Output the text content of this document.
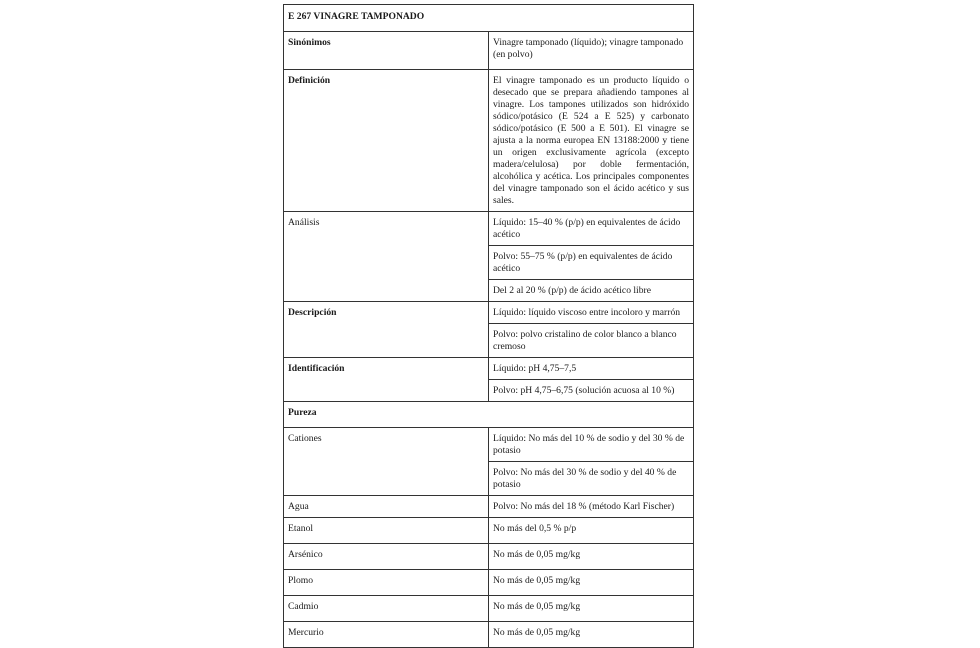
E 267 VINAGRE TAMPONADO	
Sinónimos	Vinagre tamponado (líquido); vinagre tamponado (en polvo)
Definición	El vinagre tamponado es un producto líquido o desecado que se prepara añadiendo tampones al vinagre. Los tampones utilizados son hidróxido sódico/potásico (E 524 a E 525) y carbonato sódico/potásico (E 500 a E 501). El vinagre se ajusta a la norma europea EN 13188:2000 y tiene un origen exclusivamente agrícola (excepto madera/celulosa) por doble fermentación, alcohólica y acética. Los principales componentes del vinagre tamponado son el ácido acético y sus sales.
Análisis	Líquido: 15–40 % (p/p) en equivalentes de ácido acético
	Polvo: 55–75 % (p/p) en equivalentes de ácido acético
	Del 2 al 20 % (p/p) de ácido acético libre
Descripción	Líquido: líquido viscoso entre incoloro y marrón
	Polvo: polvo cristalino de color blanco a blanco cremoso
Identificación	Líquido: pH 4,75–7,5
	Polvo: pH 4,75–6,75 (solución acuosa al 10 %)
Pureza	
Cationes	Líquido: No más del 10 % de sodio y del 30 % de potasio
	Polvo: No más del 30 % de sodio y del 40 % de potasio
Agua	Polvo: No más del 18 % (método Karl Fischer)
Etanol	No más del 0,5 % p/p
Arsénico	No más de 0,05 mg/kg
Plomo	No más de 0,05 mg/kg
Cadmio	No más de 0,05 mg/kg
Mercurio	No más de 0,05 mg/kg
